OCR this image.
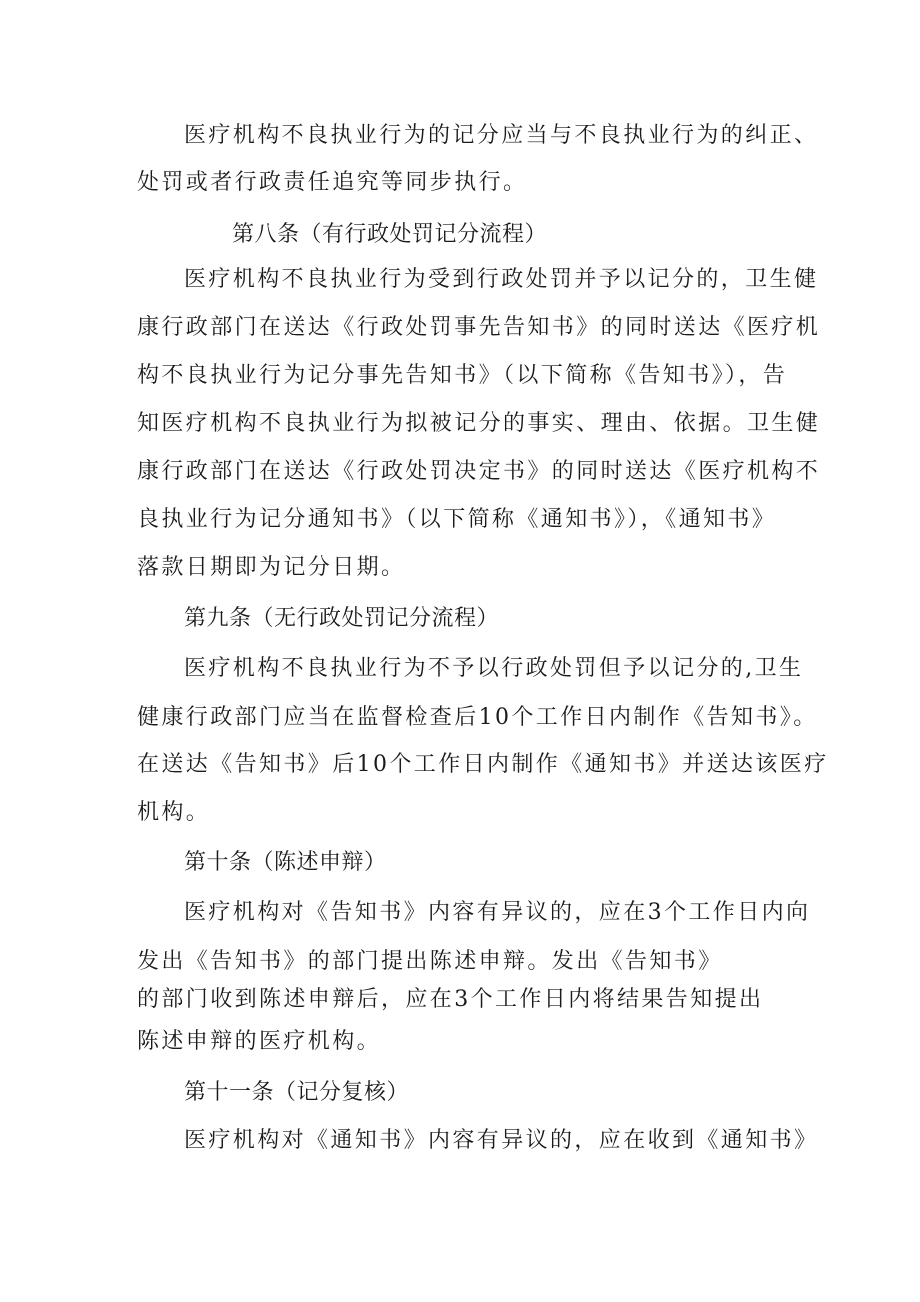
医疗机构不良执业行为的记分应当与不良执业行为的纠正、
处罚或者行政责任追究等同步执行。
第八条（有行政处罚记分流程）
医疗机构不良执业行为受到行政处罚并予以记分的，卫生健
康行政部门在送达《行政处罚事先告知书》的同时送达《医疗机
构不良执业行为记分事先告知书》（以下简称《告知书》），告
知医疗机构不良执业行为拟被记分的事实、理由、依据。卫生健
康行政部门在送达《行政处罚决定书》的同时送达《医疗机构不
良执业行为记分通知书》（以下简称《通知书》），《通知书》
落款日期即为记分日期。
第九条（无行政处罚记分流程）
医疗机构不良执业行为不予以行政处罚但予以记分的,卫生
健康行政部门应当在监督检查后10个工作日内制作《告知书》。
在送达《告知书》后10个工作日内制作《通知书》并送达该医疗
机构。
第十条（陈述申辩）
医疗机构对《告知书》内容有异议的，应在3个工作日内向
发出《告知书》的部门提出陈述申辩。发出《告知书》
的部门收到陈述申辩后，应在3个工作日内将结果告知提出
陈述申辩的医疗机构。
第十一条（记分复核）
医疗机构对《通知书》内容有异议的，应在收到《通知书》
